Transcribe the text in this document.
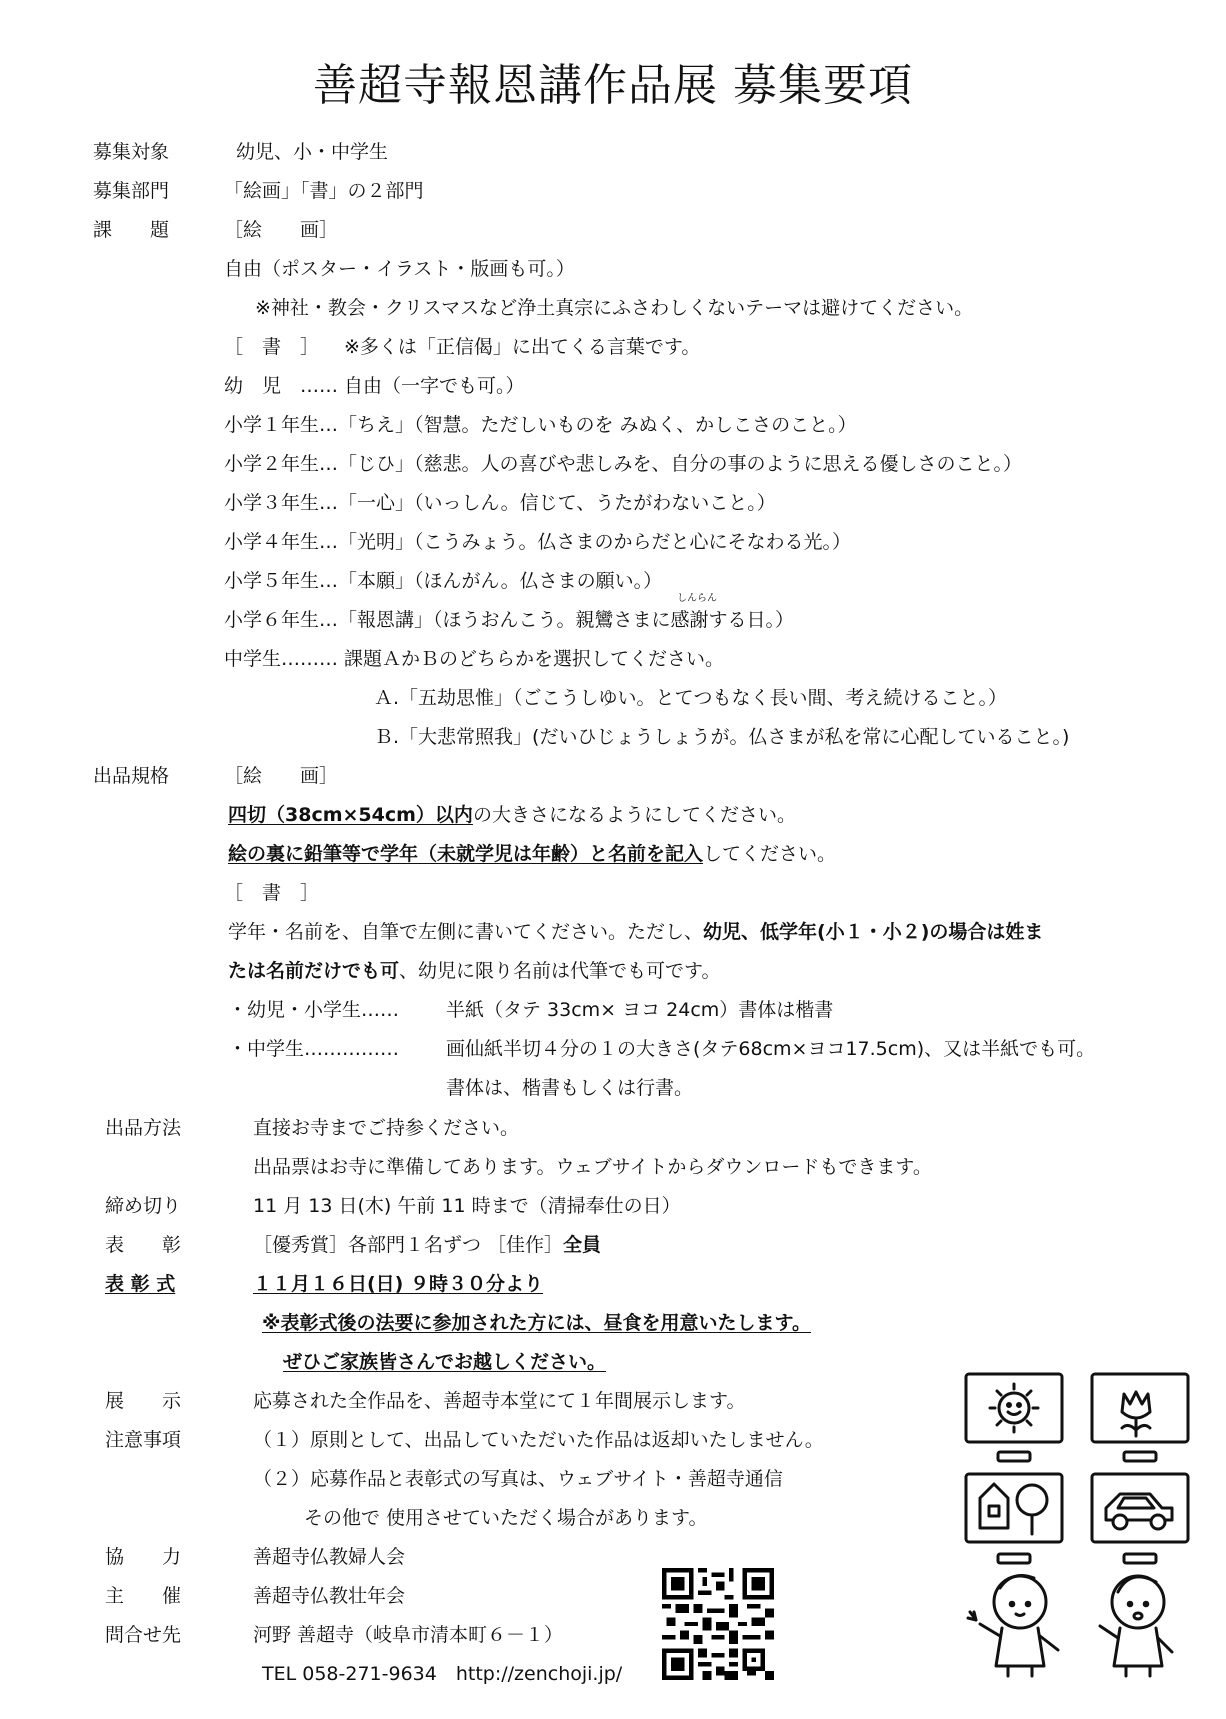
善超寺報恩講作品展 募集要項
募集対象	幼児、小・中学生
募集部門	「絵画」「書」の２部門
課　　題	［絵　　画］
自由（ポスター・イラスト・版画も可。）
※神社・教会・クリスマスなど浄土真宗にふさわしくないテーマは避けてください。
［　書　］ ※多くは「正信偈」に出てくる言葉です。
幼　児　…… 自由（一字でも可。）
小学１年生…「ちえ」（智慧。ただしいものを みぬく、かしこさのこと。）
小学２年生…「じひ」（慈悲。人の喜びや悲しみを、自分の事のように思える優しさのこと。）
小学３年生…「一心」（いっしん。信じて、うたがわないこと。）
小学４年生…「光明」（こうみょう。仏さまのからだと心にそなわる光。）
小学５年生…「本願」（ほんがん。仏さまの願い。）
しんらん
小学６年生…「報恩講」（ほうおんこう。親鸞さまに感謝する日。）
中学生……… 課題ＡかＢのどちらかを選択してください。
Ａ.「五劫思惟」（ごこうしゆい。とてつもなく長い間、考え続けること。）
Ｂ.「大悲常照我」(だいひじょうしょうが。仏さまが私を常に心配していること。)
出品規格	［絵　　画］
四切（38cm×54cm）以内の大きさになるようにしてください。
絵の裏に鉛筆等で学年（未就学児は年齢）と名前を記入してください。
［　書　］
学年・名前を、自筆で左側に書いてください。ただし、幼児、低学年(小１・小２)の場合は姓ま
たは名前だけでも可、幼児に限り名前は代筆でも可です。
・幼児・小学生…… 半紙（タテ 33cm× ヨコ 24cm）書体は楷書
・中学生…………… 画仙紙半切４分の１の大きさ(タテ68cm×ヨコ17.5cm)、又は半紙でも可。
書体は、楷書もしくは行書。
出品方法	直接お寺までご持参ください。
出品票はお寺に準備してあります。ウェブサイトからダウンロードもできます。
締め切り	11 月 13 日(木) 午前 11 時まで（清掃奉仕の日）
表　　彰	［優秀賞］各部門１名ずつ ［佳作］全員
表 彰 式	１１月１６日(日) ９時３０分より
※表彰式後の法要に参加された方には、昼食を用意いたします。
ぜひご家族皆さんでお越しください。
展　　示	応募された全作品を、善超寺本堂にて１年間展示します。
注意事項	（１）原則として、出品していただいた作品は返却いたしません。
（２）応募作品と表彰式の写真は、ウェブサイト・善超寺通信
その他で 使用させていただく場合があります。
協　　力	善超寺仏教婦人会
主　　催	善超寺仏教壮年会
問合せ先	河野 善超寺（岐阜市清本町６－１）
TEL 058-271-9634　http://zenchoji.jp/
